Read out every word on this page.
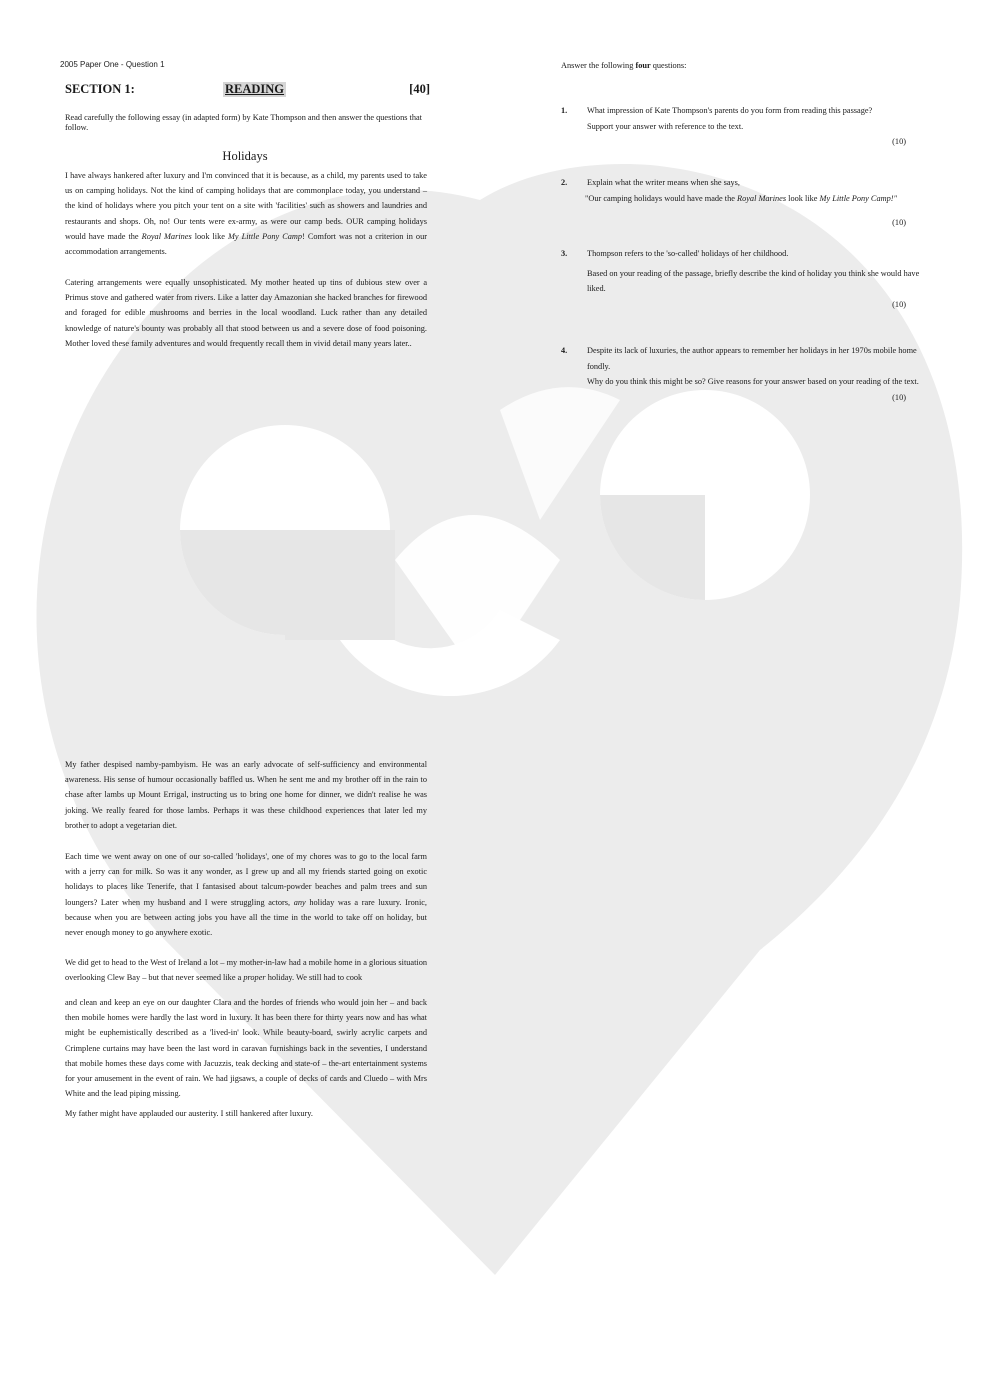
2005 Paper One - Question 1
SECTION 1:	READING	[40]
Read carefully the following essay (in adapted form) by Kate Thompson and then answer the questions that follow.
Holidays

I have always hankered after luxury and I'm convinced that it is because, as a child, my parents used to take us on camping holidays. Not the kind of camping holidays that are commonplace today, you understand – the kind of holidays where you pitch your tent on a site with 'facilities' such as showers and laundries and restaurants and shops. Oh, no! Our tents were ex-army, as were our camp beds. OUR camping holidays would have made the Royal Marines look like My Little Pony Camp! Comfort was not a criterion in our accommodation arrangements.

Catering arrangements were equally unsophisticated. My mother heated up tins of dubious stew over a Primus stove and gathered water from rivers. Like a latter day Amazonian she hacked branches for firewood and foraged for edible mushrooms and berries in the local woodland. Luck rather than any detailed knowledge of nature's bounty was probably all that stood between us and a severe dose of food poisoning. Mother loved these family adventures and would frequently recall them in vivid detail many years later..

My father despised namby-pambyism. He was an early advocate of self-sufficiency and environmental awareness. His sense of humour occasionally baffled us. When he sent me and my brother off in the rain to chase after lambs up Mount Errigal, instructing us to bring one home for dinner, we didn't realise he was joking. We really feared for those lambs. Perhaps it was these childhood experiences that later led my brother to adopt a vegetarian diet.

Each time we went away on one of our so-called 'holidays', one of my chores was to go to the local farm with a jerry can for milk. So was it any wonder, as I grew up and all my friends started going on exotic holidays to places like Tenerife, that I fantasised about talcum-powder beaches and palm trees and sun loungers? Later when my husband and I were struggling actors, any holiday was a rare luxury. Ironic, because when you are between acting jobs you have all the time in the world to take off on holiday, but never enough money to go anywhere exotic.

We did get to head to the West of Ireland a lot – my mother-in-law had a mobile home in a glorious situation overlooking Clew Bay – but that never seemed like a proper holiday. We still had to cook

and clean and keep an eye on our daughter Clara and the hordes of friends who would join her – and back then mobile homes were hardly the last word in luxury. It has been there for thirty years now and has what might be euphemistically described as a 'lived-in' look. While beauty-board, swirly acrylic carpets and Crimplene curtains may have been the last word in caravan furnishings back in the seventies, I understand that mobile homes these days come with Jacuzzis, teak decking and state-of – the-art entertainment systems for your amusement in the event of rain. We had jigsaws, a couple of decks of cards and Cluedo – with Mrs White and the lead piping missing.

My father might have applauded our austerity. I still hankered after luxury.

Answer the following four questions:
1. What impression of Kate Thompson's parents do you form from reading this passage?
Support your answer with reference to the text.
(10)
2. Explain what the writer means when she says,
"Our camping holidays would have made the Royal Marines look like My Little Pony Camp!"
(10)
3. Thompson refers to the 'so-called' holidays of her childhood.
Based on your reading of the passage, briefly describe the kind of holiday you think she would have liked.
(10)
4. Despite its lack of luxuries, the author appears to remember her holidays in her 1970s mobile home fondly.
Why do you think this might be so? Give reasons for your answer based on your reading of the text.
(10)
